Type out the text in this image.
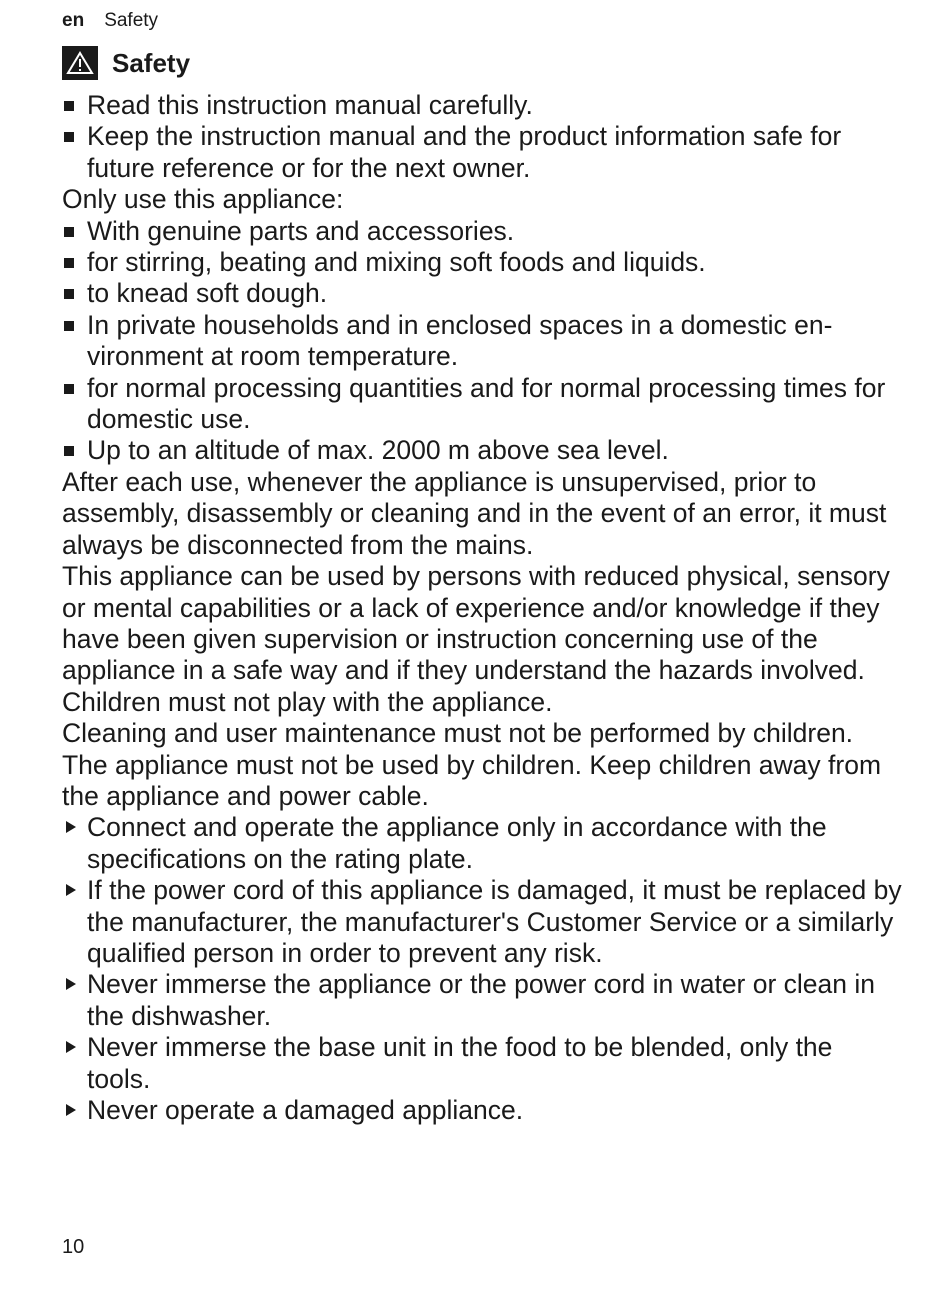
en Safety
Safety
Read this instruction manual carefully.
Keep the instruction manual and the product information safe for future reference or for the next owner.

Only use this appliance:

With genuine parts and accessories.
for stirring, beating and mixing soft foods and liquids.
to knead soft dough.
In private households and in enclosed spaces in a domestic environment at room temperature.
for normal processing quantities and for normal processing times for domestic use.
Up to an altitude of max. 2000 m above sea level.

After each use, whenever the appliance is unsupervised, prior to assembly, disassembly or cleaning and in the event of an error, it must always be disconnected from the mains.

This appliance can be used by persons with reduced physical, sensory or mental capabilities or a lack of experience and/or knowledge if they have been given supervision or instruction concerning use of the appliance in a safe way and if they understand the hazards involved.

Children must not play with the appliance.

Cleaning and user maintenance must not be performed by children.

The appliance must not be used by children. Keep children away from the appliance and power cable.

Connect and operate the appliance only in accordance with the specifications on the rating plate.
If the power cord of this appliance is damaged, it must be replaced by the manufacturer, the manufacturer's Customer Service or a similarly qualified person in order to prevent any risk.
Never immerse the appliance or the power cord in water or clean in the dishwasher.
Never immerse the base unit in the food to be blended, only the tools.
Never operate a damaged appliance.
10
